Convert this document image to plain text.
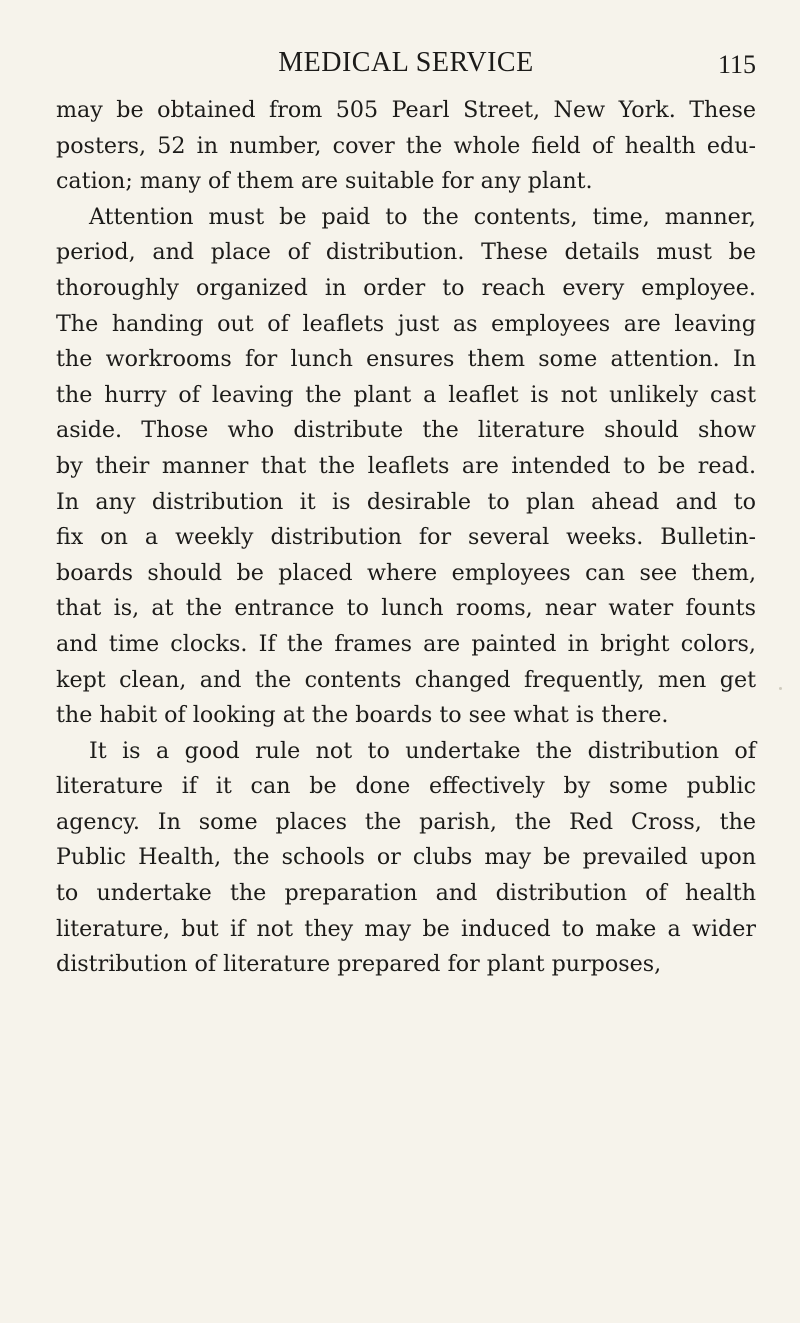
MEDICAL SERVICE	115
may be obtained from 505 Pearl Street, New York. These
posters, 52 in number, cover the whole field of health edu-
cation; many of them are suitable for any plant.
Attention must be paid to the contents, time, manner,
period, and place of distribution. These details must be
thoroughly organized in order to reach every employee.
The handing out of leaflets just as employees are leaving
the workrooms for lunch ensures them some attention. In
the hurry of leaving the plant a leaflet is not unlikely cast
aside. Those who distribute the literature should show
by their manner that the leaflets are intended to be read.
In any distribution it is desirable to plan ahead and to
fix on a weekly distribution for several weeks. Bulletin-
boards should be placed where employees can see them,
that is, at the entrance to lunch rooms, near water founts
and time clocks. If the frames are painted in bright colors,
kept clean, and the contents changed frequently, men get
the habit of looking at the boards to see what is there.
It is a good rule not to undertake the distribution of
literature if it can be done effectively by some public
agency. In some places the parish, the Red Cross, the
Public Health, the schools or clubs may be prevailed upon
to undertake the preparation and distribution of health
literature, but if not they may be induced to make a wider
distribution of literature prepared for plant purposes,
